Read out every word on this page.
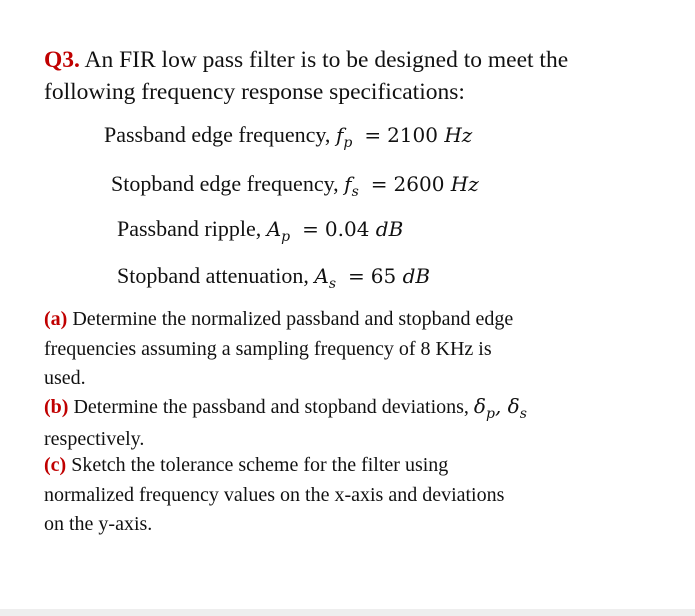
Q3. An FIR low pass filter is to be designed to meet the
following frequency response specifications:
Passband edge frequency, $f_p = 2100$ Hz
Stopband edge frequency, $f_s = 2600$ Hz
Passband ripple, $A_p = 0.04$ dB
Stopband attenuation, $A_s = 65$ dB
(a) Determine the normalized passband and stopband edge
frequencies assuming a sampling frequency of 8 KHz is
used.
(b) Determine the passband and stopband deviations, $\delta_p$, $\delta_s$
respectively.
(c) Sketch the tolerance scheme for the filter using
normalized frequency values on the x-axis and deviations
on the y-axis.
